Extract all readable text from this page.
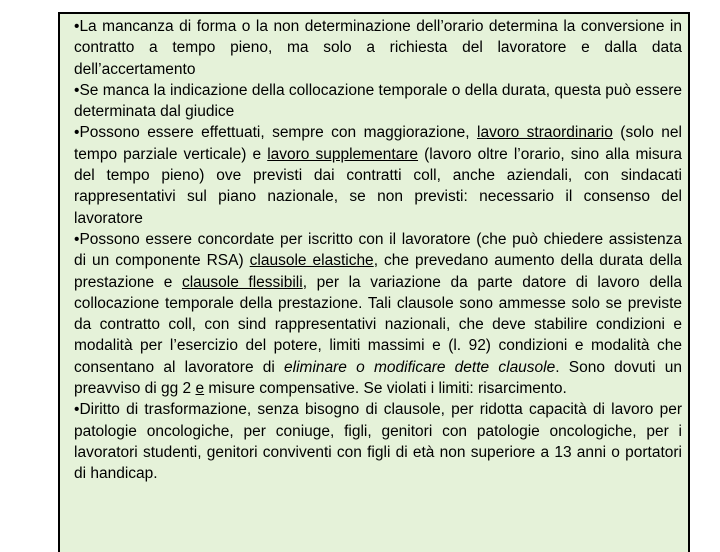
•La mancanza di forma o la non determinazione dell’orario determina la conversione in contratto a tempo pieno, ma solo a richiesta del lavoratore e dalla data dell’accertamento

•Se manca la indicazione della collocazione temporale o della durata, questa può essere determinata dal giudice

•Possono essere effettuati, sempre con maggiorazione, lavoro straordinario (solo nel tempo parziale verticale) e lavoro supplementare (lavoro oltre l’orario, sino alla misura del tempo pieno) ove previsti dai contratti coll, anche aziendali, con sindacati rappresentativi sul piano nazionale, se non previsti: necessario il consenso del lavoratore

•Possono essere concordate per iscritto con il lavoratore (che può chiedere assistenza di un componente RSA) clausole elastiche, che prevedano aumento della durata della prestazione e clausole flessibili, per la variazione da parte datore di lavoro della collocazione temporale della prestazione. Tali clausole sono ammesse solo se previste da contratto coll, con sind rappresentativi nazionali, che deve stabilire condizioni e modalità per l’esercizio del potere, limiti massimi e (l. 92) condizioni e modalità che consentano al lavoratore di eliminare o modificare dette clausole. Sono dovuti un preavviso di gg 2 e misure compensative. Se violati i limiti: risarcimento.

•Diritto di trasformazione, senza bisogno di clausole, per ridotta capacità di lavoro per patologie oncologiche, per coniuge, figli, genitori con patologie oncologiche, per i lavoratori studenti, genitori conviventi con figli di età non superiore a 13 anni o portatori di handicap.
